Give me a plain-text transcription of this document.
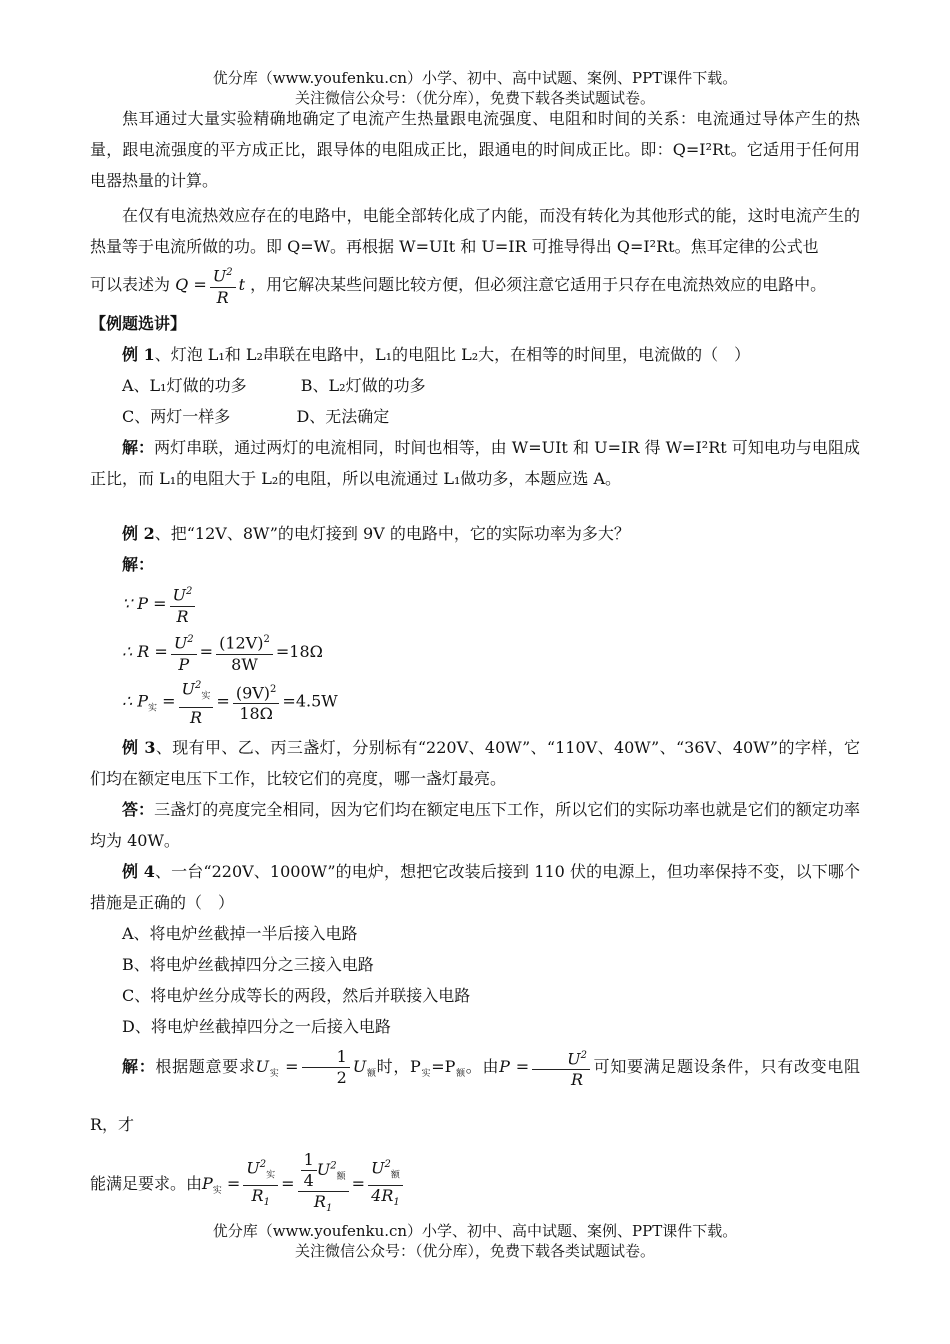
优分库（www.youfenku.cn）小学、初中、高中试题、案例、PPT课件下载。
关注微信公众号：（优分库），免费下载各类试题试卷。

焦耳通过大量实验精确地确定了电流产生热量跟电流强度、电阻和时间的关系：电流通过导体产生的热量，跟电流强度的平方成正比，跟导体的电阻成正比，跟通电的时间成正比。即：Q=I²Rt。它适用于任何用电器热量的计算。

在仅有电流热效应存在的电路中，电能全部转化成了内能，而没有转化为其他形式的能，这时电流产生的热量等于电流所做的功。即 Q=W。再根据 W=UIt 和 U=IR 可推导得出 Q=I²Rt。焦耳定律的公式也

可以表述为 $Q = \frac{U^2}{R}$ t ，用它解决某些问题比较方便，但必须注意它适用于只存在电流热效应的电路中。

【例题选讲】

例 1、灯泡 L₁和 L₂串联在电路中，L₁的电阻比 L₂大，在相等的时间里，电流做的（　）

A、L₁灯做的功多	B、L₂灯做的功多
C、两灯一样多	D、无法确定

解：两灯串联，通过两灯的电流相同，时间也相等，由 W=UIt 和 U=IR 得 W=I²Rt 可知电功与电阻成正比，而 L₁的电阻大于 L₂的电阻，所以电流通过 L₁做功多，本题应选 A。

例 2、把“12V、8W”的电灯接到 9V 的电路中，它的实际功率为多大？

解：

∵ $P = \frac{U^2}{R}$
∴ $R = \frac{U^2}{P} = \frac{(12V)^2}{8W} =18\Omega$
∴ $P_实 = \frac{U^2_实}{R} = \frac{(9V)^2}{18\Omega} =4.5W$

例 3、现有甲、乙、丙三盏灯，分别标有“220V、40W”、“110V、40W”、“36V、40W”的字样，它们均在额定电压下工作，比较它们的亮度，哪一盏灯最亮。

答：三盏灯的亮度完全相同，因为它们均在额定电压下工作，所以它们的实际功率也就是它们的额定功率均为 40W。

例 4、一台“220V、1000W”的电炉，想把它改装后接到 110 伏的电源上，但功率保持不变，以下哪个措施是正确的（　）

A、将电炉丝截掉一半后接入电路
B、将电炉丝截掉四分之三接入电路
C、将电炉丝分成等长的两段，然后并联接入电路
D、将电炉丝截掉四分之一后接入电路

解：根据题意要求$U_实 = \frac{1}{2} U_额$时，$P_实=P_额$。由$P = \frac{U^2}{R}$ 可知要满足题设条件，只有改变电阻 R，才

能满足要求。由$P_实 = \frac{U^2_实}{R_1} = \frac{\frac{1}{4} U^2_额}{R_1} = \frac{U^2_额}{4R_1}$

优分库（www.youfenku.cn）小学、初中、高中试题、案例、PPT课件下载。
关注微信公众号：（优分库），免费下载各类试题试卷。
